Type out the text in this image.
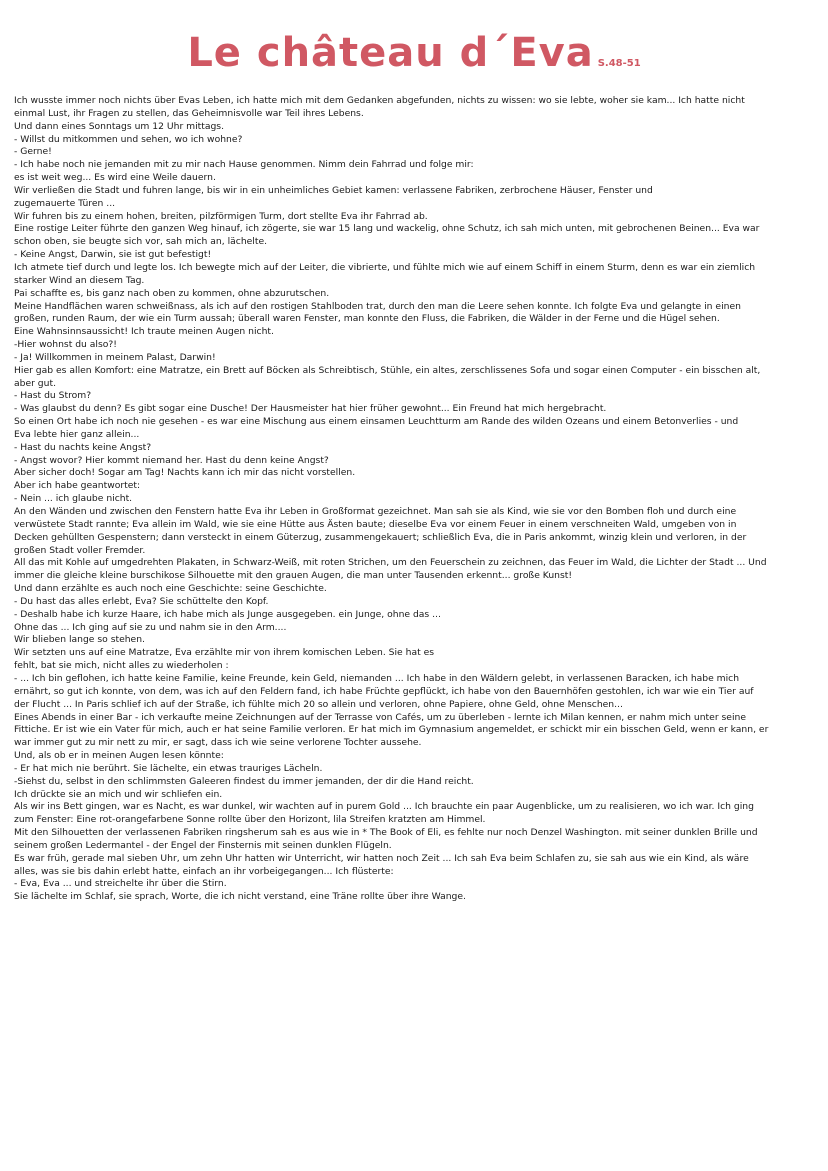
Le château d´Eva S.48-51
Ich wusste immer noch nichts über Evas Leben, ich hatte mich mit dem Gedanken abgefunden, nichts zu wissen: wo sie lebte, woher sie kam... Ich hatte nicht
einmal Lust, ihr Fragen zu stellen, das Geheimnisvolle war Teil ihres Lebens.
Und dann eines Sonntags um 12 Uhr mittags.
- Willst du mitkommen und sehen, wo ich wohne?
- Gerne!
- Ich habe noch nie jemanden mit zu mir nach Hause genommen. Nimm dein Fahrrad und folge mir:
es ist weit weg... Es wird eine Weile dauern.
Wir verließen die Stadt und fuhren lange, bis wir in ein unheimliches Gebiet kamen: verlassene Fabriken, zerbrochene Häuser, Fenster und
zugemauerte Türen ...
Wir fuhren bis zu einem hohen, breiten, pilzförmigen Turm, dort stellte Eva ihr Fahrrad ab.
Eine rostige Leiter führte den ganzen Weg hinauf, ich zögerte, sie war 15 lang und wackelig, ohne Schutz, ich sah mich unten, mit gebrochenen Beinen... Eva war
schon oben, sie beugte sich vor, sah mich an, lächelte.
- Keine Angst, Darwin, sie ist gut befestigt!
Ich atmete tief durch und legte los. Ich bewegte mich auf der Leiter, die vibrierte, und fühlte mich wie auf einem Schiff in einem Sturm, denn es war ein ziemlich
starker Wind an diesem Tag.
Pai schaffte es, bis ganz nach oben zu kommen, ohne abzurutschen.
Meine Handflächen waren schweißnass, als ich auf den rostigen Stahlboden trat, durch den man die Leere sehen konnte. Ich folgte Eva und gelangte in einen
großen, runden Raum, der wie ein Turm aussah; überall waren Fenster, man konnte den Fluss, die Fabriken, die Wälder in der Ferne und die Hügel sehen.
Eine Wahnsinnsaussicht! Ich traute meinen Augen nicht.
-Hier wohnst du also?!
- Ja! Willkommen in meinem Palast, Darwin!
Hier gab es allen Komfort: eine Matratze, ein Brett auf Böcken als Schreibtisch, Stühle, ein altes, zerschlissenes Sofa und sogar einen Computer - ein bisschen alt,
aber gut.
- Hast du Strom?
- Was glaubst du denn? Es gibt sogar eine Dusche! Der Hausmeister hat hier früher gewohnt... Ein Freund hat mich hergebracht.
So einen Ort habe ich noch nie gesehen - es war eine Mischung aus einem einsamen Leuchtturm am Rande des wilden Ozeans und einem Betonverlies - und
Eva lebte hier ganz allein...
- Hast du nachts keine Angst?
- Angst wovor? Hier kommt niemand her. Hast du denn keine Angst?
Aber sicher doch! Sogar am Tag! Nachts kann ich mir das nicht vorstellen.
Aber ich habe geantwortet:
- Nein ... ich glaube nicht.
An den Wänden und zwischen den Fenstern hatte Eva ihr Leben in Großformat gezeichnet. Man sah sie als Kind, wie sie vor den Bomben floh und durch eine
verwüstete Stadt rannte; Eva allein im Wald, wie sie eine Hütte aus Ästen baute; dieselbe Eva vor einem Feuer in einem verschneiten Wald, umgeben von in
Decken gehüllten Gespenstern; dann versteckt in einem Güterzug, zusammengekauert; schließlich Eva, die in Paris ankommt, winzig klein und verloren, in der
großen Stadt voller Fremder.
All das mit Kohle auf umgedrehten Plakaten, in Schwarz-Weiß, mit roten Strichen, um den Feuerschein zu zeichnen, das Feuer im Wald, die Lichter der Stadt ... Und
immer die gleiche kleine burschikose Silhouette mit den grauen Augen, die man unter Tausenden erkennt... große Kunst!
Und dann erzählte es auch noch eine Geschichte: seine Geschichte.
- Du hast das alles erlebt, Eva? Sie schüttelte den Kopf.
- Deshalb habe ich kurze Haare, ich habe mich als Junge ausgegeben. ein Junge, ohne das ...
Ohne das ... Ich ging auf sie zu und nahm sie in den Arm....
Wir blieben lange so stehen.
Wir setzten uns auf eine Matratze, Eva erzählte mir von ihrem komischen Leben. Sie hat es
fehlt, bat sie mich, nicht alles zu wiederholen :
- ... Ich bin geflohen, ich hatte keine Familie, keine Freunde, kein Geld, niemanden ... Ich habe in den Wäldern gelebt, in verlassenen Baracken, ich habe mich
ernährt, so gut ich konnte, von dem, was ich auf den Feldern fand, ich habe Früchte gepflückt, ich habe von den Bauernhöfen gestohlen, ich war wie ein Tier auf
der Flucht ... In Paris schlief ich auf der Straße, ich fühlte mich 20 so allein und verloren, ohne Papiere, ohne Geld, ohne Menschen...
Eines Abends in einer Bar - ich verkaufte meine Zeichnungen auf der Terrasse von Cafés, um zu überleben - lernte ich Milan kennen, er nahm mich unter seine
Fittiche. Er ist wie ein Vater für mich, auch er hat seine Familie verloren. Er hat mich im Gymnasium angemeldet, er schickt mir ein bisschen Geld, wenn er kann, er
war immer gut zu mir nett zu mir, er sagt, dass ich wie seine verlorene Tochter aussehe.
Und, als ob er in meinen Augen lesen könnte:
- Er hat mich nie berührt. Sie lächelte, ein etwas trauriges Lächeln.
-Siehst du, selbst in den schlimmsten Galeeren findest du immer jemanden, der dir die Hand reicht.
Ich drückte sie an mich und wir schliefen ein.
Als wir ins Bett gingen, war es Nacht, es war dunkel, wir wachten auf in purem Gold ... Ich brauchte ein paar Augenblicke, um zu realisieren, wo ich war. Ich ging
zum Fenster: Eine rot-orangefarbene Sonne rollte über den Horizont, lila Streifen kratzten am Himmel.
Mit den Silhouetten der verlassenen Fabriken ringsherum sah es aus wie in * The Book of Eli, es fehlte nur noch Denzel Washington. mit seiner dunklen Brille und
seinem großen Ledermantel - der Engel der Finsternis mit seinen dunklen Flügeln.
Es war früh, gerade mal sieben Uhr, um zehn Uhr hatten wir Unterricht, wir hatten noch Zeit ... Ich sah Eva beim Schlafen zu, sie sah aus wie ein Kind, als wäre
alles, was sie bis dahin erlebt hatte, einfach an ihr vorbeigegangen... Ich flüsterte:
- Eva, Eva ... und streichelte ihr über die Stirn.
Sie lächelte im Schlaf, sie sprach, Worte, die ich nicht verstand, eine Träne rollte über ihre Wange.
